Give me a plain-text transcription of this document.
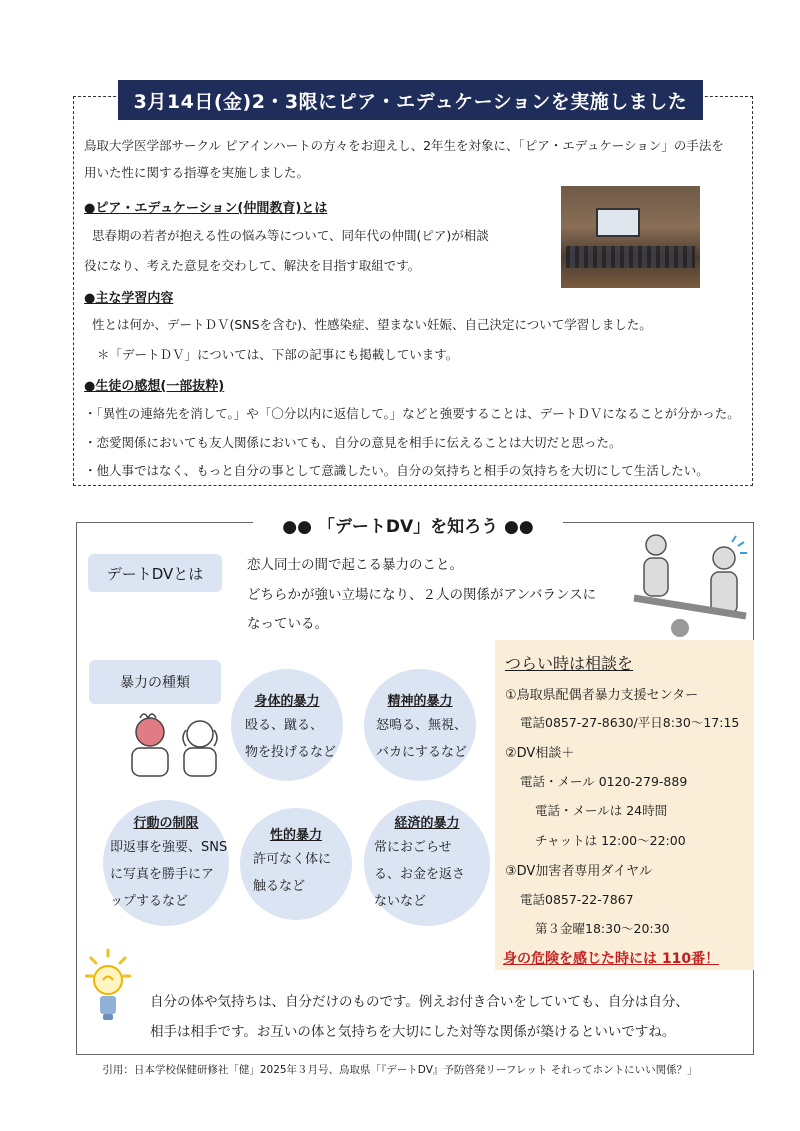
3月14日(金)2・3限にピア・エデュケーションを実施しました
鳥取大学医学部サークル ピアインハートの方々をお迎えし、2年生を対象に、「ピア・エデュケーション」の手法を
用いた性に関する指導を実施しました。
●ピア・エデュケーション(仲間教育)とは
思春期の若者が抱える性の悩み等について、同年代の仲間(ピア)が相談
役になり、考えた意見を交わして、解決を目指す取組です。
●主な学習内容
性とは何か、デートＤＶ(SNSを含む)、性感染症、望まない妊娠、自己決定について学習しました。
＊「デートＤＶ」については、下部の記事にも掲載しています。
●生徒の感想(一部抜粋)
・「異性の連絡先を消して。」や「〇分以内に返信して。」などと強要することは、デートＤＶになることが分かった。
・恋愛関係においても友人関係においても、自分の意見を相手に伝えることは大切だと思った。
・他人事ではなく、もっと自分の事として意識したい。自分の気持ちと相手の気持ちを大切にして生活したい。
●● 「デートDV」を知ろう ●●
デートDVとは	恋人同士の間で起こる暴力のこと。
どちらかが強い立場になり、２人の関係がアンバランスに
なっている。
暴力の種類
身体的暴力
殴る、蹴る、
物を投げるなど
精神的暴力
怒鳴る、無視、
バカにするなど
行動の制限
即返事を強要、SNS
に写真を勝手にア
ップするなど
性的暴力
許可なく体に
触るなど
経済的暴力
常におごらせ
る、お金を返さ
ないなど
つらい時は相談を
①鳥取県配偶者暴力支援センター
電話0857-27-8630/平日8:30～17:15
②DV相談＋
電話・メール 0120-279-889
電話・メールは 24時間
チャットは 12:00～22:00
③DV加害者専用ダイヤル
電話0857-22-7867
第３金曜18:30～20:30
身の危険を感じた時には 110番！
自分の体や気持ちは、自分だけのものです。例えお付き合いをしていても、自分は自分、
相手は相手です。お互いの体と気持ちを大切にした対等な関係が築けるといいですね。
引用：日本学校保健研修社「健」2025年３月号、鳥取県「『デートDV』予防啓発リーフレット それってホントにいい関係？」
